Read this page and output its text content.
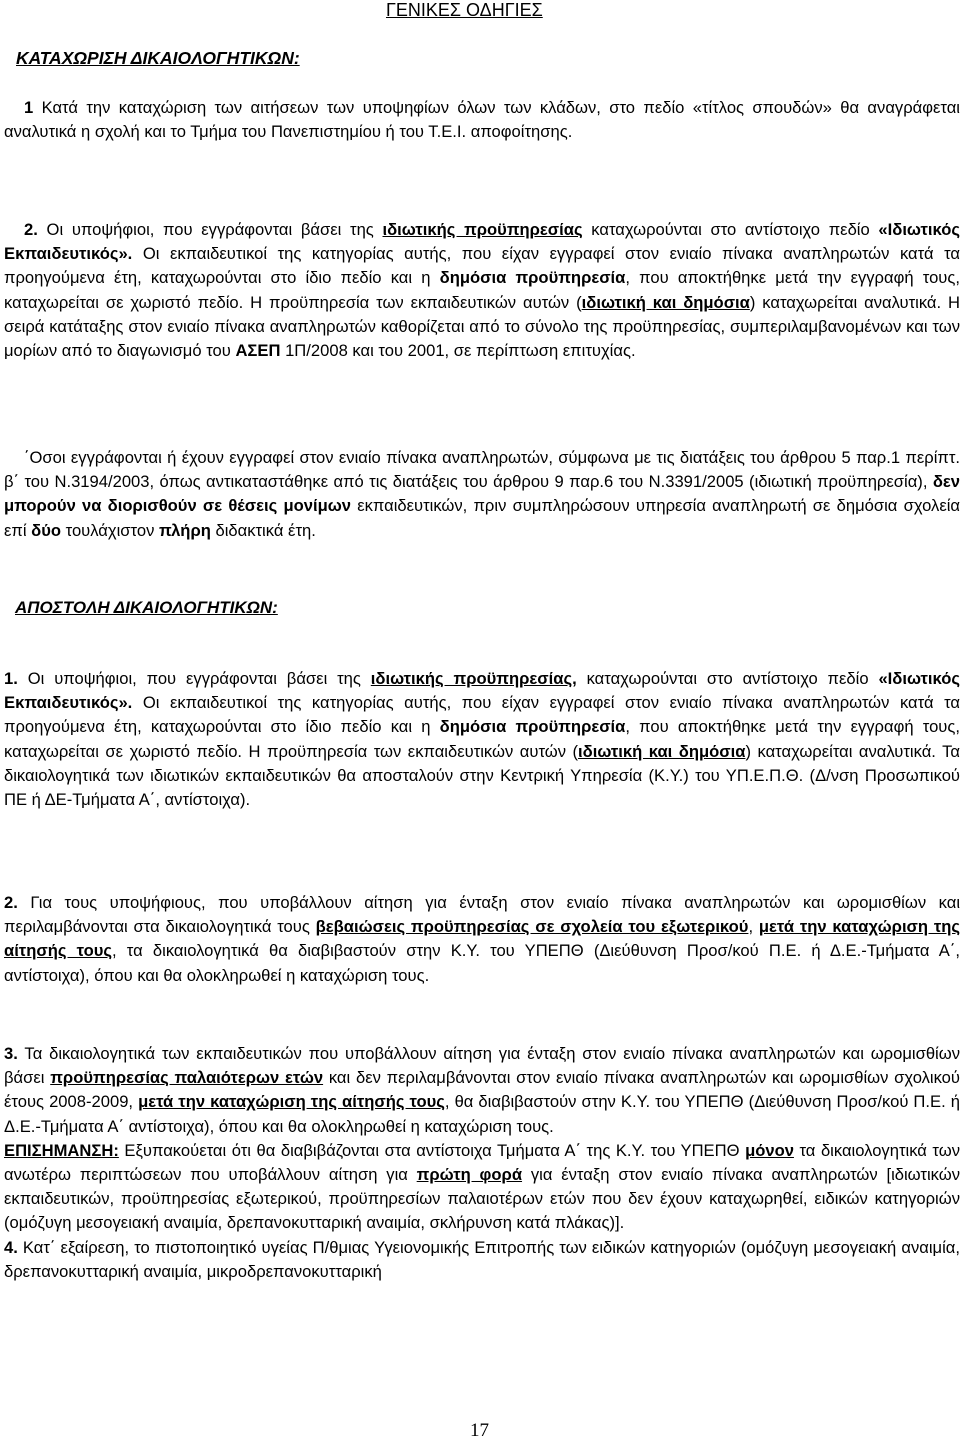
ΓΕΝΙΚΕΣ ΟΔΗΓΙΕΣ
ΚΑΤΑΧΩΡΙΣΗ ΔΙΚΑΙΟΛΟΓΗΤΙΚΩΝ:

1 Κατά την καταχώριση των αιτήσεων των υποψηφίων όλων των κλάδων, στο πεδίο «τίτλος σπουδών» θα αναγράφεται αναλυτικά η σχολή και το Τμήμα του Πανεπιστημίου ή του Τ.Ε.Ι. αποφοίτησης.

2. Οι υποψήφιοι, που εγγράφονται βάσει της ιδιωτικής προϋπηρεσίας καταχωρούνται στο αντίστοιχο πεδίο «Ιδιωτικός Εκπαιδευτικός». Οι εκπαιδευτικοί της κατηγορίας αυτής, που είχαν εγγραφεί στον ενιαίο πίνακα αναπληρωτών κατά τα προηγούμενα έτη, καταχωρούνται στο ίδιο πεδίο και η δημόσια προϋπηρεσία, που αποκτήθηκε μετά την εγγραφή τους, καταχωρείται σε χωριστό πεδίο. Η προϋπηρεσία των εκπαιδευτικών αυτών (ιδιωτική και δημόσια) καταχωρείται αναλυτικά. Η σειρά κατάταξης στον ενιαίο πίνακα αναπληρωτών καθορίζεται από το σύνολο της προϋπηρεσίας, συμπεριλαμβανομένων και των μορίων από το διαγωνισμό του ΑΣΕΠ 1Π/2008 και του 2001, σε περίπτωση επιτυχίας.

΄Οσοι εγγράφονται ή έχουν εγγραφεί στον ενιαίο πίνακα αναπληρωτών, σύμφωνα με τις διατάξεις του άρθρου 5 παρ.1 περίπτ. β΄ του Ν.3194/2003, όπως αντικαταστάθηκε από τις διατάξεις του άρθρου 9 παρ.6 του Ν.3391/2005 (ιδιωτική προϋπηρεσία), δεν μπορούν να διορισθούν σε θέσεις μονίμων εκπαιδευτικών, πριν συμπληρώσουν υπηρεσία αναπληρωτή σε δημόσια σχολεία επί δύο τουλάχιστον πλήρη διδακτικά έτη.

ΑΠΟΣΤΟΛΗ ΔΙΚΑΙΟΛΟΓΗΤΙΚΩΝ:

1. Οι υποψήφιοι, που εγγράφονται βάσει της ιδιωτικής προϋπηρεσίας, καταχωρούνται στο αντίστοιχο πεδίο «Ιδιωτικός Εκπαιδευτικός». Οι εκπαιδευτικοί της κατηγορίας αυτής, που είχαν εγγραφεί στον ενιαίο πίνακα αναπληρωτών κατά τα προηγούμενα έτη, καταχωρούνται στο ίδιο πεδίο και η δημόσια προϋπηρεσία, που αποκτήθηκε μετά την εγγραφή τους, καταχωρείται σε χωριστό πεδίο. Η προϋπηρεσία των εκπαιδευτικών αυτών (ιδιωτική και δημόσια) καταχωρείται αναλυτικά. Τα δικαιολογητικά των ιδιωτικών εκπαιδευτικών θα αποσταλούν στην Κεντρική Υπηρεσία (Κ.Υ.) του ΥΠ.Ε.Π.Θ. (Δ/νση Προσωπικού ΠΕ ή ΔΕ-Τμήματα Α΄, αντίστοιχα).

2. Για τους υποψήφιους, που υποβάλλουν αίτηση για ένταξη στον ενιαίο πίνακα αναπληρωτών και ωρομισθίων και περιλαμβάνονται στα δικαιολογητικά τους βεβαιώσεις προϋπηρεσίας σε σχολεία του εξωτερικού, μετά την καταχώριση της αίτησής τους, τα δικαιολογητικά θα διαβιβαστούν στην Κ.Υ. του ΥΠΕΠΘ (Διεύθυνση Προσ/κού Π.Ε. ή Δ.Ε.-Τμήματα Α΄, αντίστοιχα), όπου και θα ολοκληρωθεί η καταχώριση τους.

3. Τα δικαιολογητικά των εκπαιδευτικών που υποβάλλουν αίτηση για ένταξη στον ενιαίο πίνακα αναπληρωτών και ωρομισθίων βάσει προϋπηρεσίας παλαιότερων ετών και δεν περιλαμβάνονται στον ενιαίο πίνακα αναπληρωτών και ωρομισθίων σχολικού έτους 2008-2009, μετά την καταχώριση της αίτησής τους, θα διαβιβαστούν στην Κ.Υ. του ΥΠΕΠΘ (Διεύθυνση Προσ/κού Π.Ε. ή Δ.Ε.-Τμήματα Α΄ αντίστοιχα), όπου και θα ολοκληρωθεί η καταχώριση τους.

ΕΠΙΣΗΜΑΝΣΗ: Εξυπακούεται ότι θα διαβιβάζονται στα αντίστοιχα Τμήματα Α΄ της Κ.Υ. του ΥΠΕΠΘ μόνον τα δικαιολογητικά των ανωτέρω περιπτώσεων που υποβάλλουν αίτηση για πρώτη φορά για ένταξη στον ενιαίο πίνακα αναπληρωτών [ιδιωτικών εκπαιδευτικών, προϋπηρεσίας εξωτερικού, προϋπηρεσίων παλαιοτέρων ετών που δεν έχουν καταχωρηθεί, ειδικών κατηγοριών (ομόζυγη μεσογειακή αναιμία, δρεπανοκυτταρική αναιμία, σκλήρυνση κατά πλάκας)].

4. Κατ΄ εξαίρεση, το πιστοποιητικό υγείας Π/θμιας Υγειονομικής Επιτροπής των ειδικών κατηγοριών (ομόζυγη μεσογειακή αναιμία, δρεπανοκυτταρική αναιμία, μικροδρεπανοκυτταρική

17
